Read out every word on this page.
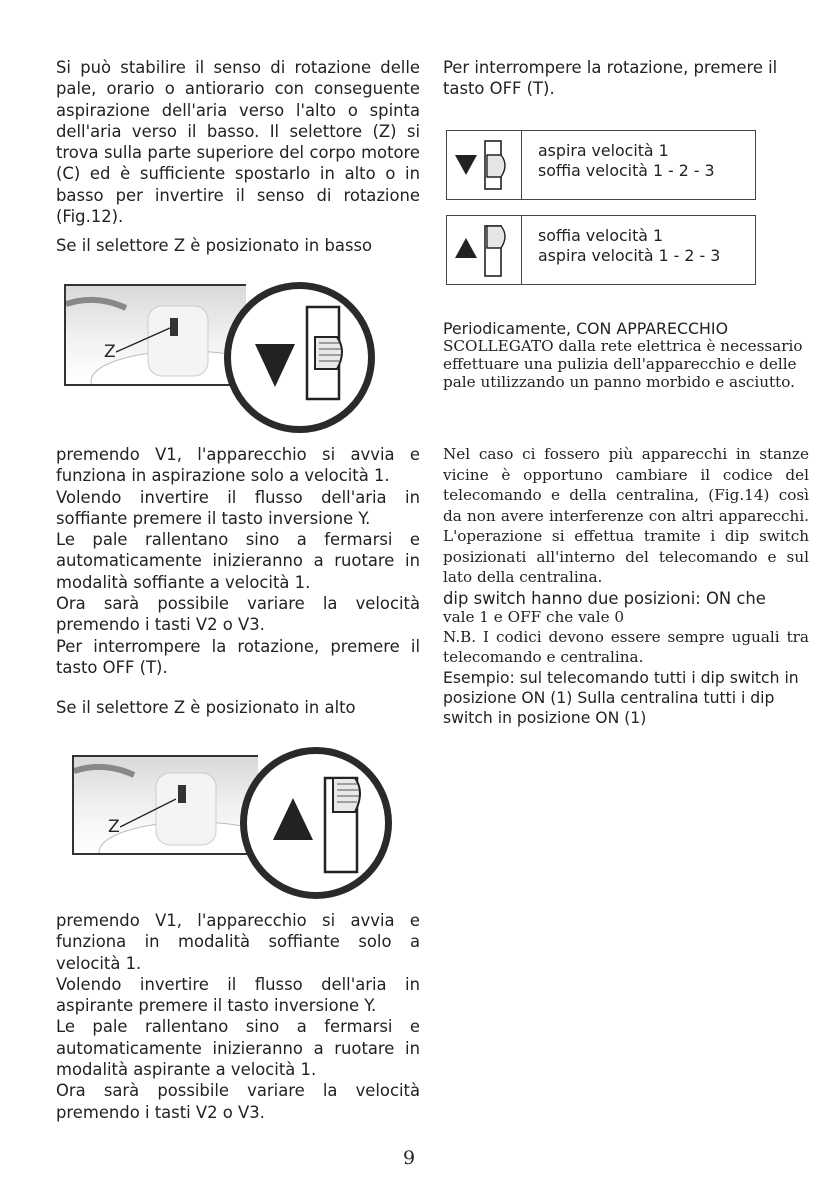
Si può stabilire il senso di rotazione delle pale, orario o antiorario con conseguente aspirazione dell'aria verso l'alto o spinta dell'aria verso il basso. Il selettore (Z) si trova sulla parte superiore del corpo motore (C) ed è sufficiente spostarlo in alto o in basso per invertire il senso di rotazione (Fig.12).

Se il selettore Z è posizionato in basso

Z

premendo V1, l'apparecchio si avvia e funziona in aspirazione solo a velocità 1.

Volendo invertire il flusso dell'aria in soffiante premere il tasto inversione Y.

Le pale rallentano sino a fermarsi e automaticamente inizieranno a ruotare in modalità soffiante a velocità 1.

Ora sarà possibile variare la velocità premendo i tasti V2 o V3.

Per interrompere la rotazione, premere il tasto OFF (T).

Se il selettore Z è posizionato in alto

Z

premendo V1, l'apparecchio si avvia e funziona in modalità soffiante solo a velocità 1.

Volendo invertire il flusso dell'aria in aspirante premere il tasto inversione Y.

Le pale rallentano sino a fermarsi e automaticamente inizieranno a ruotare in modalità aspirante a velocità 1.

Ora sarà possibile variare la velocità premendo i tasti V2 o V3.

Per interrompere la rotazione, premere il tasto OFF (T).

aspira velocità 1
soffia velocità 1 - 2 - 3
soffia velocità 1
aspira velocità 1 - 2 - 3

Periodicamente, CON APPARECCHIO

SCOLLEGATO dalla rete elettrica è necessario effettuare una pulizia dell'apparecchio e delle pale utilizzando un panno morbido e asciutto.

Nel caso ci fossero più apparecchi in stanze vicine è opportuno cambiare il codice del telecomando e della centralina, (Fig.14) così da non avere interferenze con altri apparecchi. L'operazione si effettua tramite i dip switch posizionati all'interno del telecomando e sul lato della centralina.

dip switch hanno due posizioni: ON che

vale 1 e OFF che vale 0

N.B. I codici devono essere sempre uguali tra telecomando e centralina.

Esempio: sul telecomando tutti i dip switch in posizione ON (1) Sulla centralina tutti i dip switch in posizione ON (1)

9
